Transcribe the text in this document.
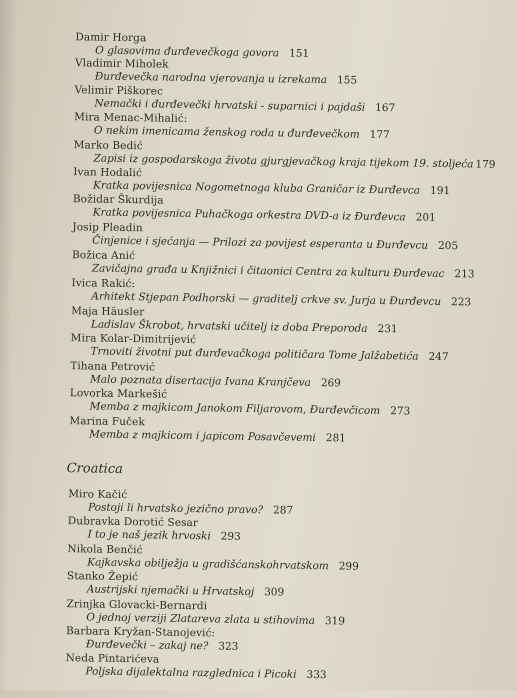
Damir Horga
O glasovima đurđevečkoga govora 151
Vladimir Miholek
Đurđevečka narodna vjerovanja u izrekama 155
Velimir Piškorec
Nemački i đurđevečki hrvatski - suparnici i pajdaši 167
Mira Menac-Mihalić:
O nekim imenicama ženskog roda u đurđevečkom 177
Marko Bedić
Zapisi iz gospodarskoga života gjurgjevačkog kraja tijekom 19. stoljeća 179
Ivan Hodalić
Kratka povijesnica Nogometnoga kluba Graničar iz Đurđevca 191
Božidar Škurdija
Kratka povijesnica Puhačkoga orkestra DVD-a iz Đurđevca 201
Josip Pleadin
Činjenice i sjećanja — Prilozi za povijest esperanta u Đurđevcu 205
Božica Anić
Zavičajna građa u Knjižnici i čitaonici Centra za kulturu Đurđevac 213
Ivica Rakić:
Arhitekt Stjepan Podhorski — graditelj crkve sv. Jurja u Đurđevcu 223
Maja Häusler
Ladislav Škrobot, hrvatski učitelj iz doba Preporoda 231
Mira Kolar-Dimitrijević
Trnoviti životni put đurđevačkoga političara Tome Jalžabetića 247
Tihana Petrović
Malo poznata disertacija Ivana Kranjčeva 269
Lovorka Markešić
Memba z majkicom Janokom Filjarovom, Đurđevčicom 273
Marina Fuček
Memba z majkicom i japicom Posavčevemi 281
Croatica
Miro Kačić
Postoji li hrvatsko jezično pravo? 287
Dubravka Dorotić Sesar
I to je naš jezik hrvoski 293
Nikola Benčić
Kajkavska obilježja u gradišćanskohrvatskom 299
Stanko Žepić
Austrijski njemački u Hrvatskoj 309
Zrinjka Glovacki-Bernardi
O jednoj verziji Zlatareva zlata u stihovima 319
Barbara Kryžan-Stanojević:
Đurđevečki – zakaj ne? 323
Neda Pintarićeva
Poljska dijalektalna razglednica i Picoki 333
